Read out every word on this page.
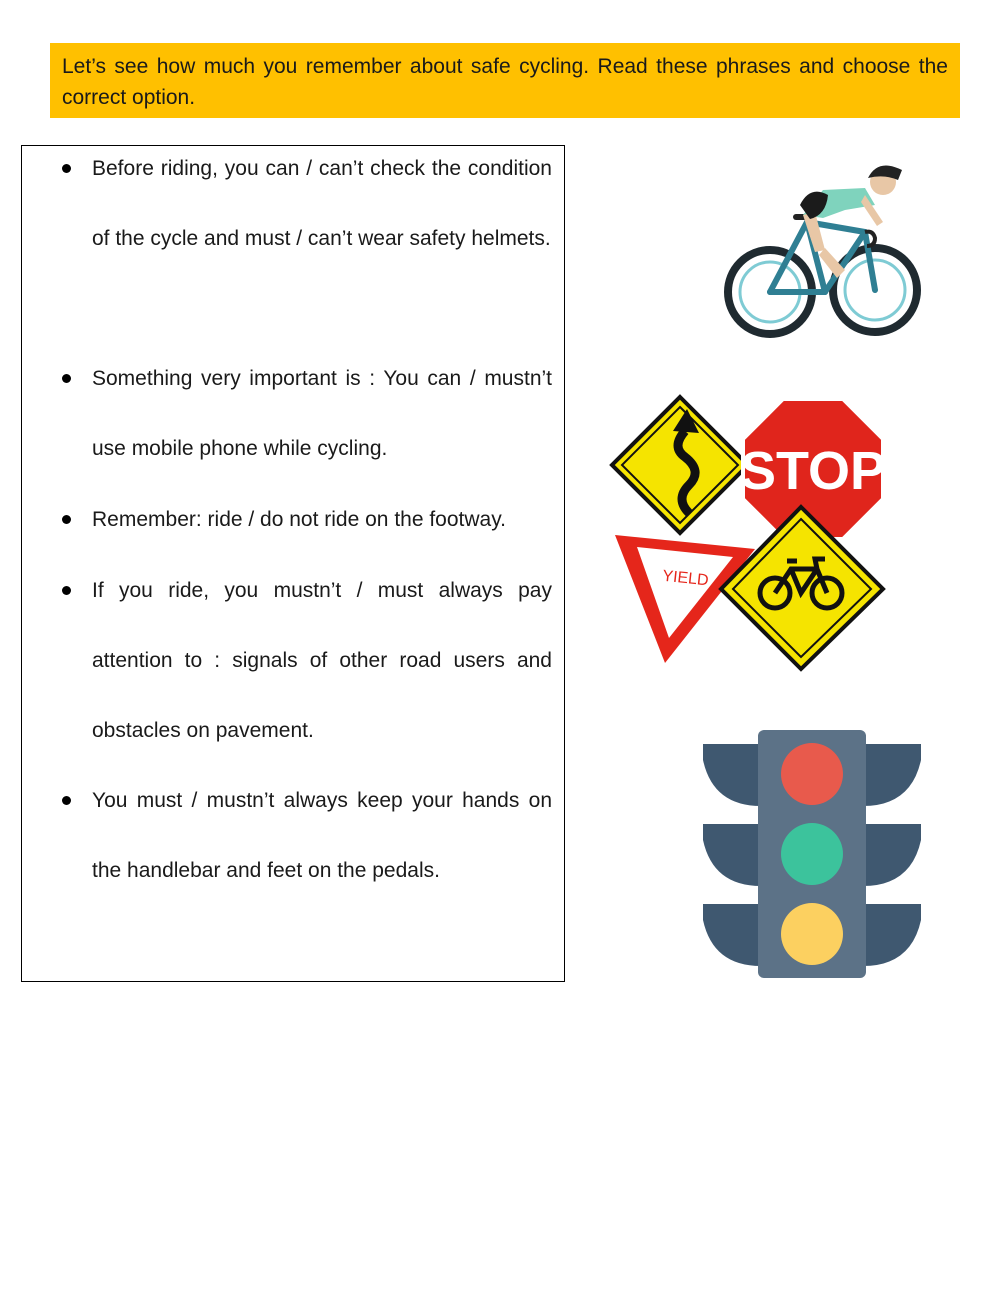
Let’s see how much you remember about safe cycling. Read these phrases and choose the correct option.
Before riding, you can / can’t check the condition of the cycle and must / can’t wear safety helmets.
Something very important is : You can / mustn’t use mobile phone while cycling.
Remember: ride / do not ride on the footway.
If you ride, you mustn’t / must always pay attention to : signals of other road users and obstacles on pavement.
You must / mustn’t always keep your hands on the handlebar and feet on the pedals.
STOP
YIELD
